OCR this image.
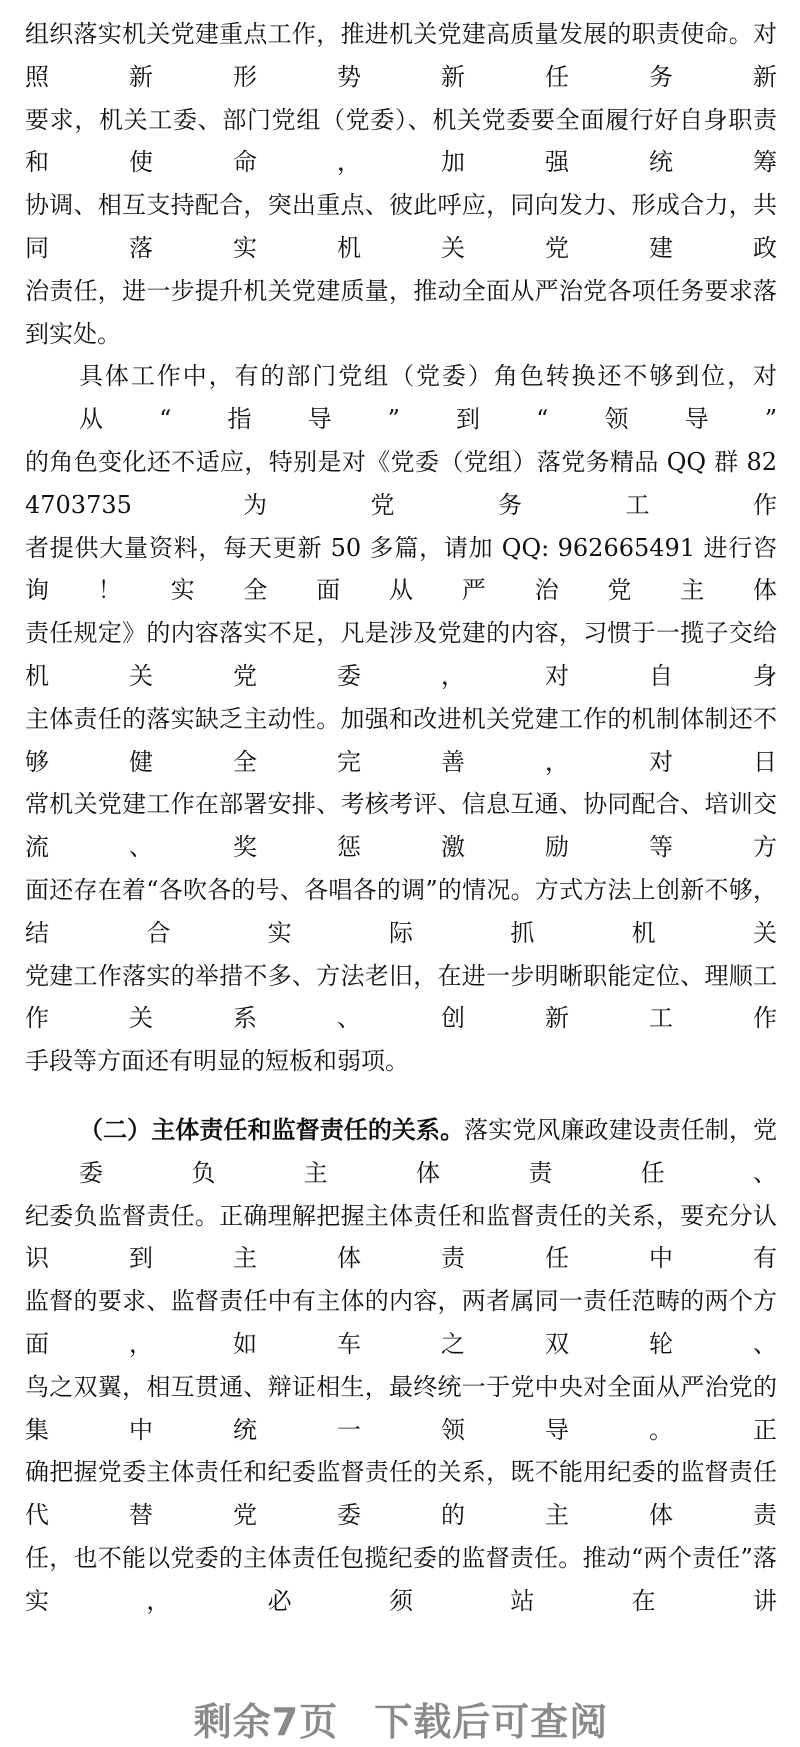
组织落实机关党建重点工作，推进机关党建高质量发展的职责使命。对照新形势新任务新
要求，机关工委、部门党组（党委）、机关党委要全面履行好自身职责和使命，加强统筹
协调、相互支持配合，突出重点、彼此呼应，同向发力、形成合力，共同落实机关党建政
治责任，进一步提升机关党建质量，推动全面从严治党各项任务要求落到实处。
具体工作中，有的部门党组（党委）角色转换还不够到位，对从“指导”到“领导”
的角色变化还不适应，特别是对《党委（党组）落党务精品 QQ 群 824703735 为党务工作
者提供大量资料，每天更新 50 多篇，请加 QQ: 962665491 进行咨询！实全面从严治党主体
责任规定》的内容落实不足，凡是涉及党建的内容，习惯于一揽子交给机关党委，对自身
主体责任的落实缺乏主动性。加强和改进机关党建工作的机制体制还不够健全完善，对日
常机关党建工作在部署安排、考核考评、信息互通、协同配合、培训交流、奖惩激励等方
面还存在着“各吹各的号、各唱各的调”的情况。方式方法上创新不够，结合实际抓机关
党建工作落实的举措不多、方法老旧，在进一步明晰职能定位、理顺工作关系、创新工作
手段等方面还有明显的短板和弱项。
（二）主体责任和监督责任的关系。落实党风廉政建设责任制，党委负主体责任、
纪委负监督责任。正确理解把握主体责任和监督责任的关系，要充分认识到主体责任中有
监督的要求、监督责任中有主体的内容，两者属同一责任范畴的两个方面，如车之双轮、
鸟之双翼，相互贯通、辩证相生，最终统一于党中央对全面从严治党的集中统一领导。正
确把握党委主体责任和纪委监督责任的关系，既不能用纪委的监督责任代替党委的主体责
任，也不能以党委的主体责任包揽纪委的监督责任。推动“两个责任”落实，必须站在讲
剩余7页 下载后可查阅
